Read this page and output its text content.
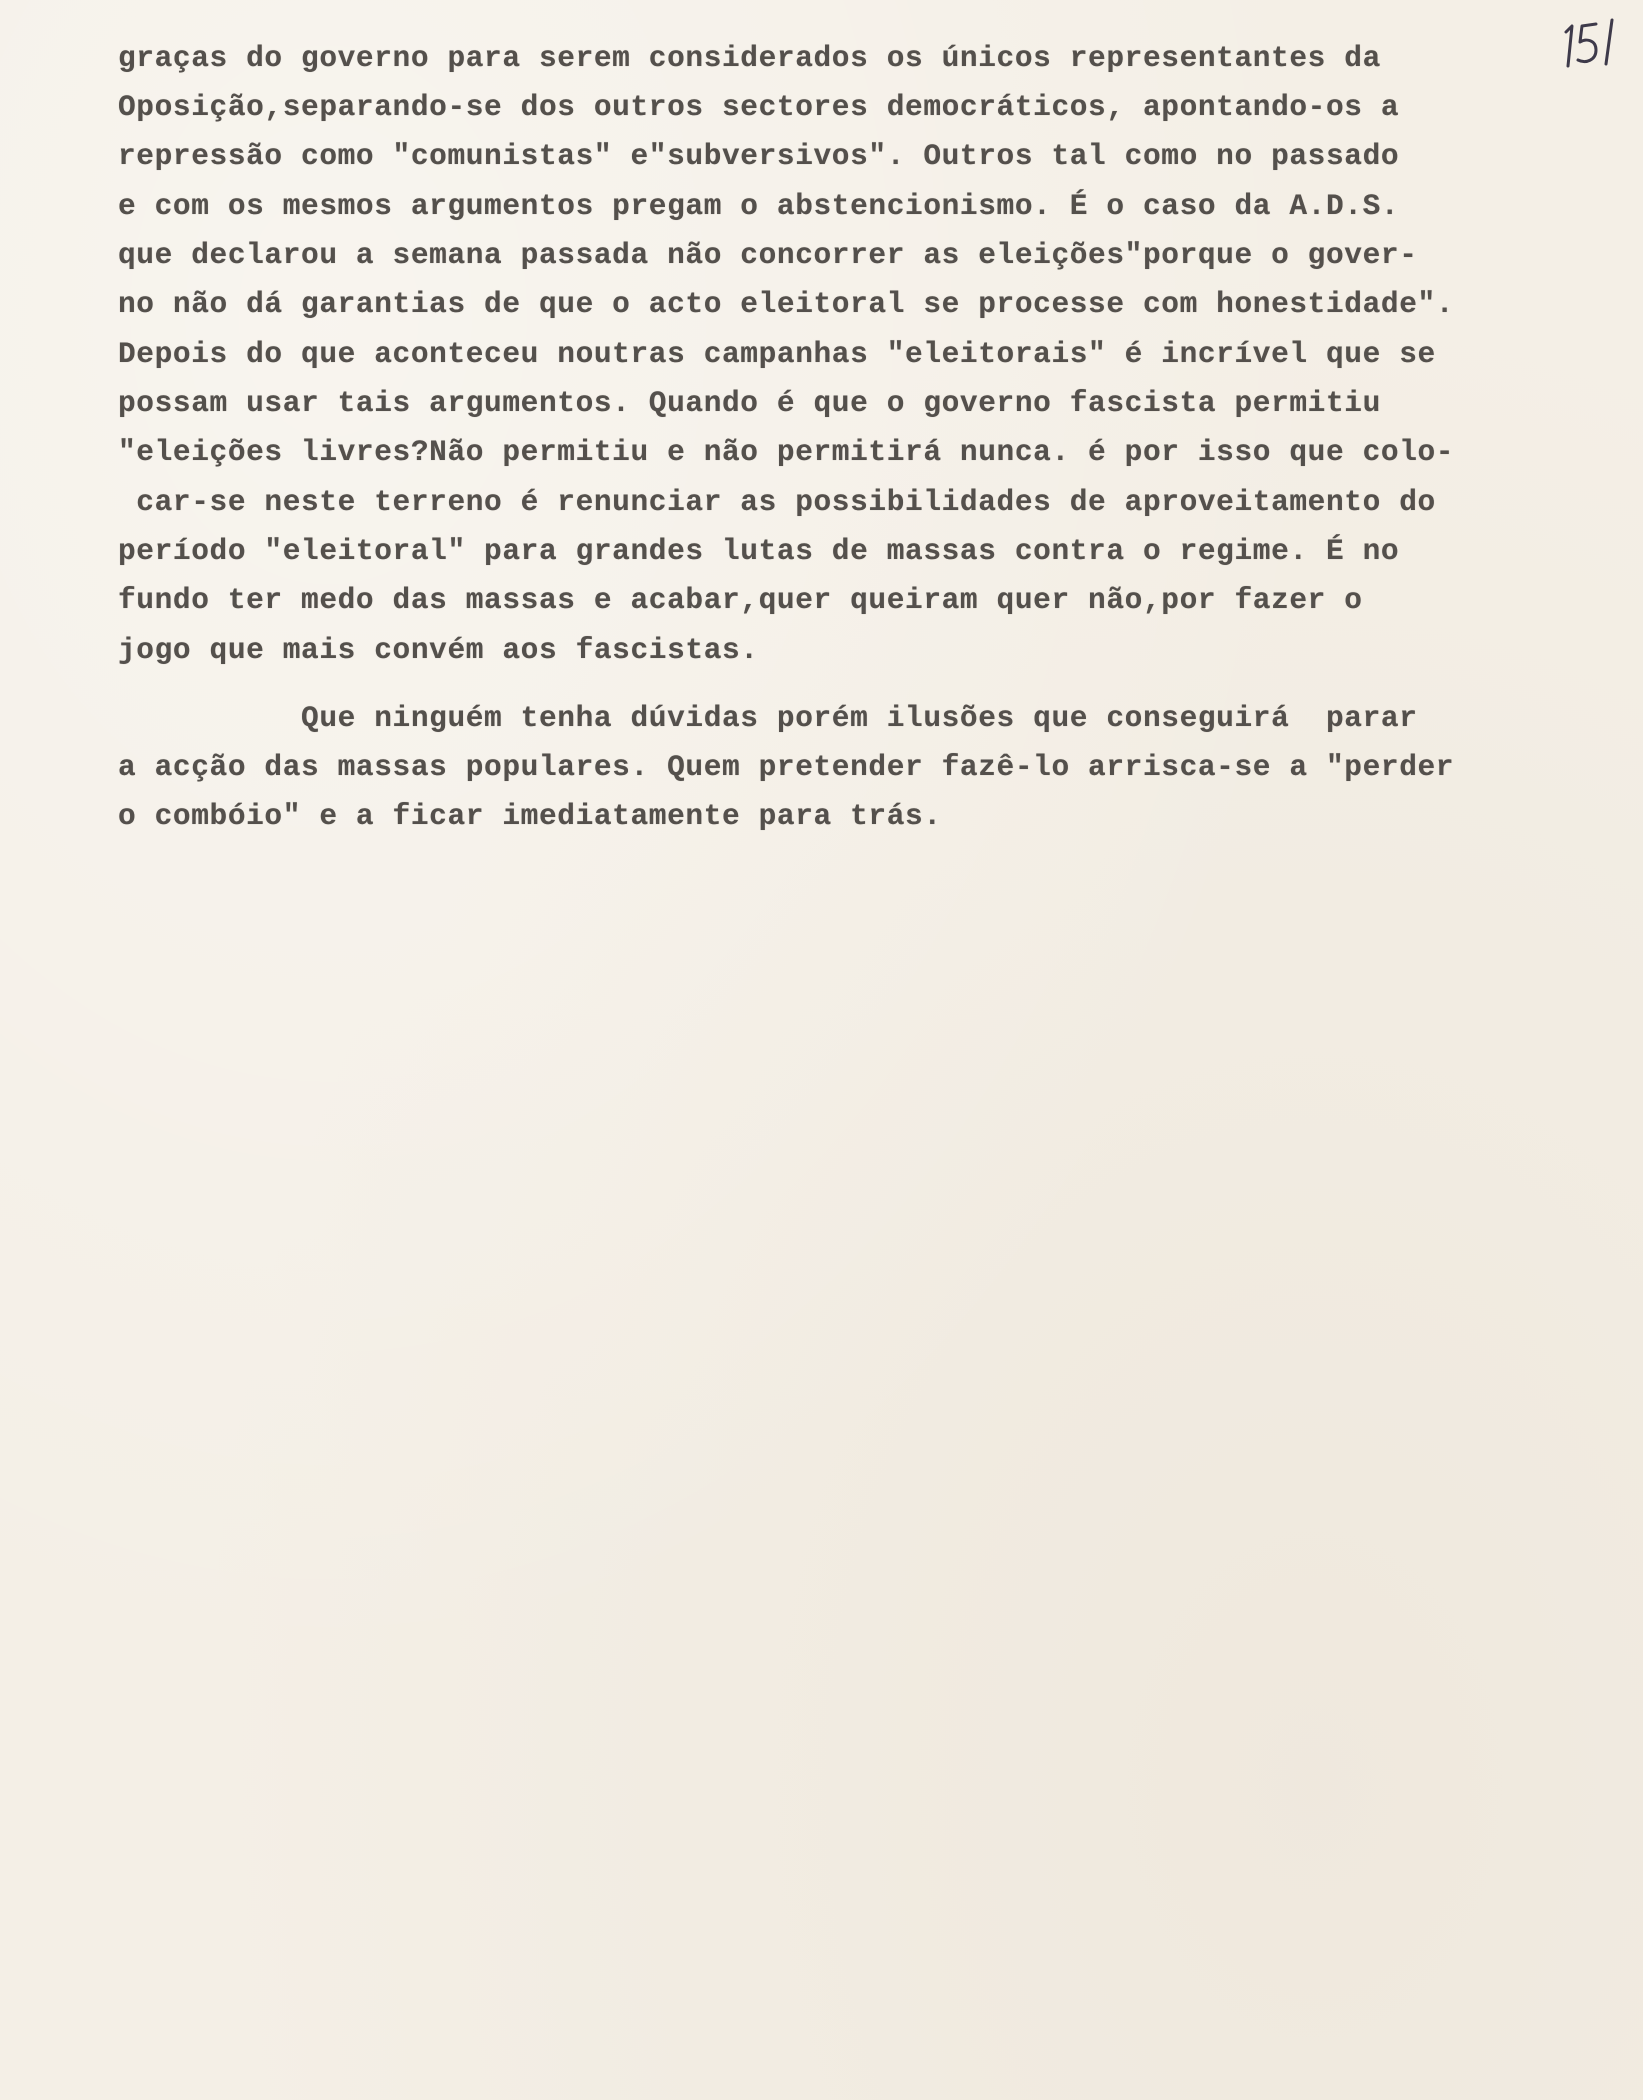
graças do governo para serem considerados os únicos representantes da
Oposição,separando-se dos outros sectores democráticos, apontando-os a
repressão como "comunistas" e"subversivos". Outros tal como no passado
e com os mesmos argumentos pregam o abstencionismo. É o caso da A.D.S.
que declarou a semana passada não concorrer as eleições"porque o gover-
no não dá garantias de que o acto eleitoral se processe com honestidade".
Depois do que aconteceu noutras campanhas "eleitorais" é incrível que se
possam usar tais argumentos. Quando é que o governo fascista permitiu
"eleições livres?Não permitiu e não permitirá nunca. é por isso que colo-
car-se neste terreno é renunciar as possibilidades de aproveitamento do
período "eleitoral" para grandes lutas de massas contra o regime. É no
fundo ter medo das massas e acabar,quer queiram quer não,por fazer o
jogo que mais convém aos fascistas.
Que ninguém tenha dúvidas porém ilusões que conseguirá  parar
a acção das massas populares. Quem pretender fazê-lo arrisca-se a "perder
o combóio" e a ficar imediatamente para trás.
